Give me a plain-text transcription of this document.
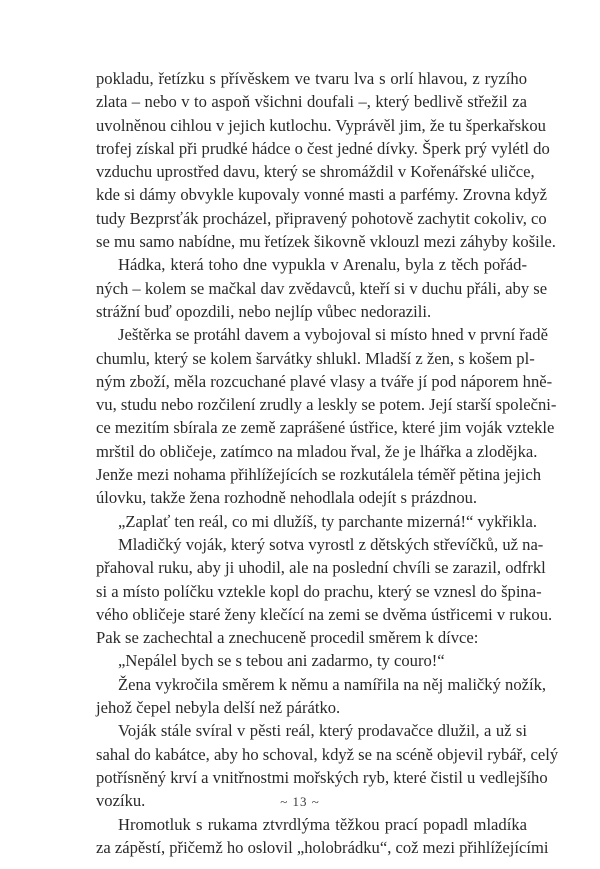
pokladu, řetízku s přívěskem ve tvaru lva s orlí hlavou, z ryzího
zlata – nebo v to aspoň všichni doufali –, který bedlivě střežil za
uvolněnou cihlou v jejich kutlochu. Vyprávěl jim, že tu šperkařskou
trofej získal při prudké hádce o čest jedné dívky. Šperk prý vylétl do
vzduchu uprostřed davu, který se shromáždil v Kořenářské uličce,
kde si dámy obvykle kupovaly vonné masti a parfémy. Zrovna když
tudy Bezprsťák procházel, připravený pohotově zachytit cokoliv, co
se mu samo nabídne, mu řetízek šikovně vklouzl mezi záhyby košile.
Hádka, která toho dne vypukla v Arenalu, byla z těch pořád-
ných – kolem se mačkal dav zvědavců, kteří si v duchu přáli, aby se
strážní buď opozdili, nebo nejlíp vůbec nedorazili.
Ještěrka se protáhl davem a vybojoval si místo hned v první řadě
chumlu, který se kolem šarvátky shlukl. Mladší z žen, s košem pl-
ným zboží, měla rozcuchané plavé vlasy a tváře jí pod náporem hně-
vu, studu nebo rozčilení zrudly a leskly se potem. Její starší společni-
ce mezitím sbírala ze země zaprášené ústřice, které jim voják vztekle
mrštil do obličeje, zatímco na mladou řval, že je lhářka a zlodějka.
Jenže mezi nohama přihlížejících se rozkutálela téměř pětina jejich
úlovku, takže žena rozhodně nehodlala odejít s prázdnou.
„Zaplať ten reál, co mi dlužíš, ty parchante mizerná!“ vykřikla.
Mladičký voják, který sotva vyrostl z dětských střevíčků, už na-
přahoval ruku, aby ji uhodil, ale na poslední chvíli se zarazil, odfrkl
si a místo políčku vztekle kopl do prachu, který se vznesl do špina-
vého obličeje staré ženy klečící na zemi se dvěma ústřicemi v rukou.
Pak se zachechtal a znechuceně procedil směrem k dívce:
„Nepálel bych se s tebou ani zadarmo, ty couro!“
Žena vykročila směrem k němu a namířila na něj maličký nožík,
jehož čepel nebyla delší než párátko.
Voják stále svíral v pěsti reál, který prodavačce dlužil, a už si
sahal do kabátce, aby ho schoval, když se na scéně objevil rybář, celý
potřísněný krví a vnitřnostmi mořských ryb, které čistil u vedlejšího
vozíku.
Hromotluk s rukama ztvrdlýma těžkou prací popadl mladíka
za zápěstí, přičemž ho oslovil „holobrádku“, což mezi přihlížejícími
~ 13 ~
